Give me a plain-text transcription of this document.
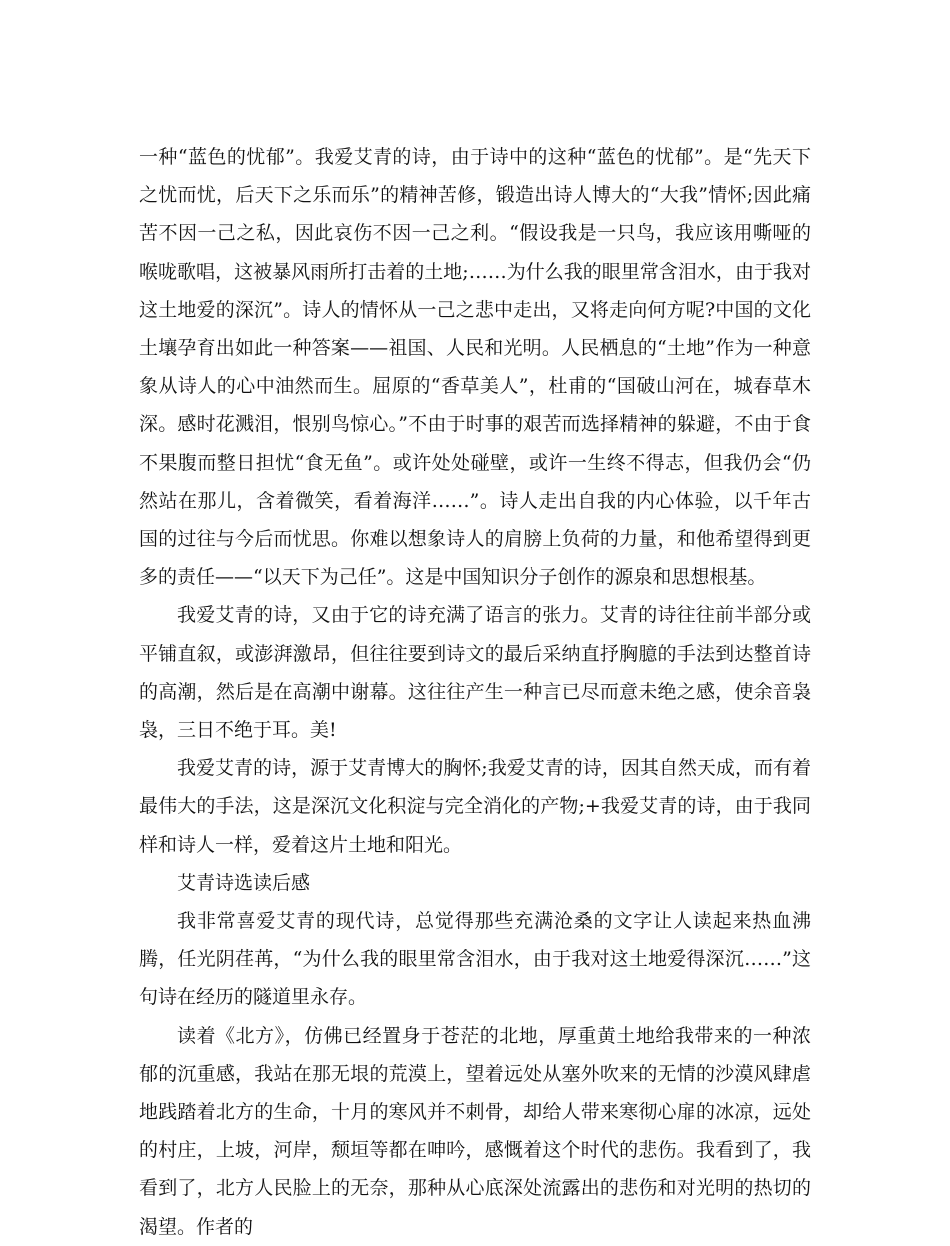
一种“蓝色的忧郁”。我爱艾青的诗，由于诗中的这种“蓝色的忧郁”。是“先天下之忧而忧，后天下之乐而乐”的精神苦修，锻造出诗人博大的“大我”情怀;因此痛苦不因一己之私，因此哀伤不因一己之利。“假设我是一只鸟，我应该用嘶哑的喉咙歌唱，这被暴风雨所打击着的土地;……为什么我的眼里常含泪水，由于我对这土地爱的深沉”。诗人的情怀从一己之悲中走出，又将走向何方呢?中国的文化土壤孕育出如此一种答案——祖国、人民和光明。人民栖息的“土地”作为一种意象从诗人的心中油然而生。屈原的“香草美人”，杜甫的“国破山河在，城春草木深。感时花溅泪，恨别鸟惊心。”不由于时事的艰苦而选择精神的躲避，不由于食不果腹而整日担忧“食无鱼”。或许处处碰壁，或许一生终不得志，但我仍会“仍然站在那儿，含着微笑，看着海洋……”。诗人走出自我的内心体验，以千年古国的过往与今后而忧思。你难以想象诗人的肩膀上负荷的力量，和他希望得到更多的责任——“以天下为己任”。这是中国知识分子创作的源泉和思想根基。

我爱艾青的诗，又由于它的诗充满了语言的张力。艾青的诗往往前半部分或平铺直叙，或澎湃激昂，但往往要到诗文的最后采纳直抒胸臆的手法到达整首诗的高潮，然后是在高潮中谢幕。这往往产生一种言已尽而意未绝之感，使余音袅袅，三日不绝于耳。美!

我爱艾青的诗，源于艾青博大的胸怀;我爱艾青的诗，因其自然天成，而有着最伟大的手法，这是深沉文化积淀与完全消化的产物;+我爱艾青的诗，由于我同样和诗人一样，爱着这片土地和阳光。

艾青诗选读后感

我非常喜爱艾青的现代诗，总觉得那些充满沧桑的文字让人读起来热血沸腾，任光阴荏苒，“为什么我的眼里常含泪水，由于我对这土地爱得深沉……”这句诗在经历的隧道里永存。

读着《北方》，仿佛已经置身于苍茫的北地，厚重黄土地给我带来的一种浓郁的沉重感，我站在那无垠的荒漠上，望着远处从塞外吹来的无情的沙漠风肆虐地践踏着北方的生命，十月的寒风并不刺骨，却给人带来寒彻心扉的冰凉，远处的村庄，上坡，河岸，颓垣等都在呻吟，感慨着这个时代的悲伤。我看到了，我看到了，北方人民脸上的无奈，那种从心底深处流露出的悲伤和对光明的热切的渴望。作者的
